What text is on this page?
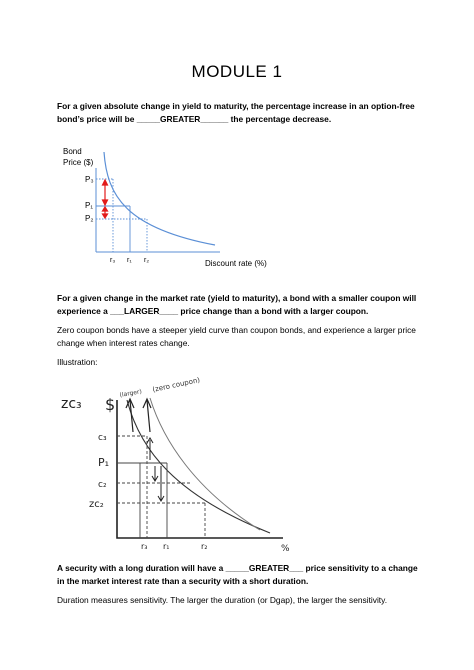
MODULE 1
For a given absolute change in yield to maturity, the percentage increase in an option-free bond’s price will be _____GREATER______ the percentage decrease.
Bond
Price ($)
P₃
P₁
P₂
r₃ r₁ r₂	Discount rate (%)
For a given change in the market rate (yield to maturity), a bond with a smaller coupon will experience a ___LARGER____ price change than a bond with a larger coupon.
Zero coupon bonds have a steeper yield curve than coupon bonds, and experience a larger price change when interest rates change.
Illustration:
zc₃ $
(larger) (zero coupon)
c₃
P₁
c₂
zc₂
r₃ r₁	r₂	%
A security with a long duration will have a _____GREATER___ price sensitivity to a change in the market interest rate than a security with a short duration.
Duration measures sensitivity. The larger the duration (or Dgap), the larger the sensitivity.
